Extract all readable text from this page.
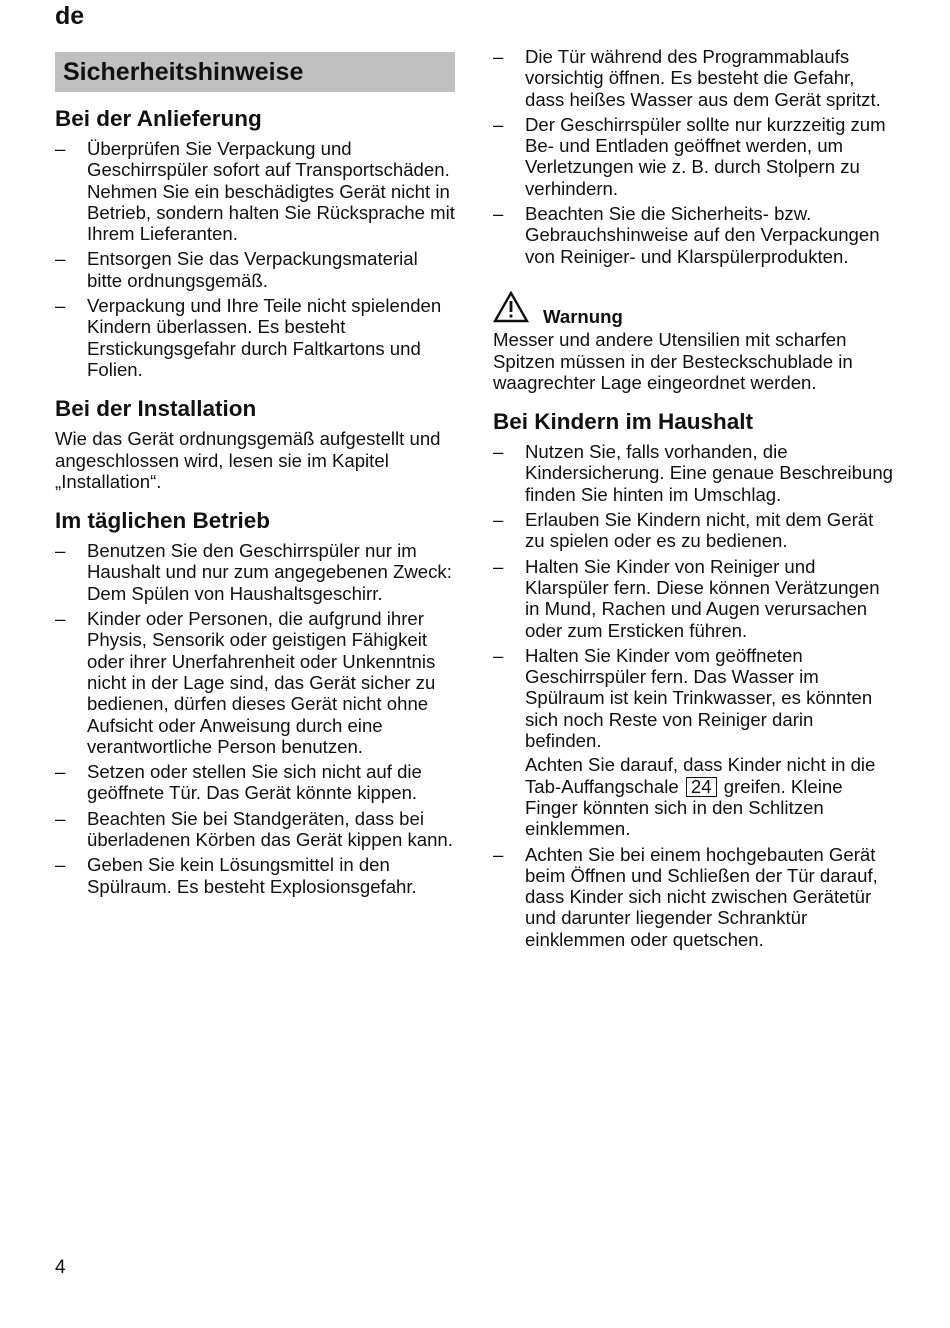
de
Sicherheitshinweise
Bei der Anlieferung
– Überprüfen Sie Verpackung und Geschirrspüler sofort auf Transportschäden. Nehmen Sie ein beschädigtes Gerät nicht in Betrieb, sondern halten Sie Rücksprache mit Ihrem Lieferanten.
– Entsorgen Sie das Verpackungsmaterial bitte ordnungsgemäß.
– Verpackung und Ihre Teile nicht spielenden Kindern überlassen. Es besteht Erstickungsgefahr durch Faltkartons und Folien.
Bei der Installation

Wie das Gerät ordnungsgemäß aufgestellt und angeschlossen wird, lesen sie im Kapitel „Installation“.

Im täglichen Betrieb
– Benutzen Sie den Geschirrspüler nur im Haushalt und nur zum angegebenen Zweck: Dem Spülen von Haushaltsgeschirr.
– Kinder oder Personen, die aufgrund ihrer Physis, Sensorik oder geistigen Fähigkeit oder ihrer Unerfahrenheit oder Unkenntnis nicht in der Lage sind, das Gerät sicher zu bedienen, dürfen dieses Gerät nicht ohne Aufsicht oder Anweisung durch eine verantwortliche Person benutzen.
– Setzen oder stellen Sie sich nicht auf die geöffnete Tür. Das Gerät könnte kippen.
– Beachten Sie bei Standgeräten, dass bei überladenen Körben das Gerät kippen kann.
– Geben Sie kein Lösungsmittel in den Spülraum. Es besteht Explosionsgefahr.
– Die Tür während des Programmablaufs vorsichtig öffnen. Es besteht die Gefahr, dass heißes Wasser aus dem Gerät spritzt.
– Der Geschirrspüler sollte nur kurzzeitig zum Be- und Entladen geöffnet werden, um Verletzungen wie z. B. durch Stolpern zu verhindern.
– Beachten Sie die Sicherheits- bzw. Gebrauchshinweise auf den Verpackungen von Reiniger- und Klarspülerprodukten.
Warnung

Messer und andere Utensilien mit scharfen Spitzen müssen in der Besteckschublade in waagrechter Lage eingeordnet werden.

Bei Kindern im Haushalt
– Nutzen Sie, falls vorhanden, die Kindersicherung. Eine genaue Beschreibung finden Sie hinten im Umschlag.
– Erlauben Sie Kindern nicht, mit dem Gerät zu spielen oder es zu bedienen.
– Halten Sie Kinder von Reiniger und Klarspüler fern. Diese können Verätzungen in Mund, Rachen und Augen verursachen oder zum Ersticken führen.
– Halten Sie Kinder vom geöffneten Geschirrspüler fern. Das Wasser im Spülraum ist kein Trinkwasser, es könnten sich noch Reste von Reiniger darin befinden.

Achten Sie darauf, dass Kinder nicht in die Tab-Auffangschale 24 greifen. Kleine Finger könnten sich in den Schlitzen einklemmen.

– Achten Sie bei einem hochgebauten Gerät beim Öffnen und Schließen der Tür darauf, dass Kinder sich nicht zwischen Gerätetür und darunter liegender Schranktür einklemmen oder quetschen.
4
